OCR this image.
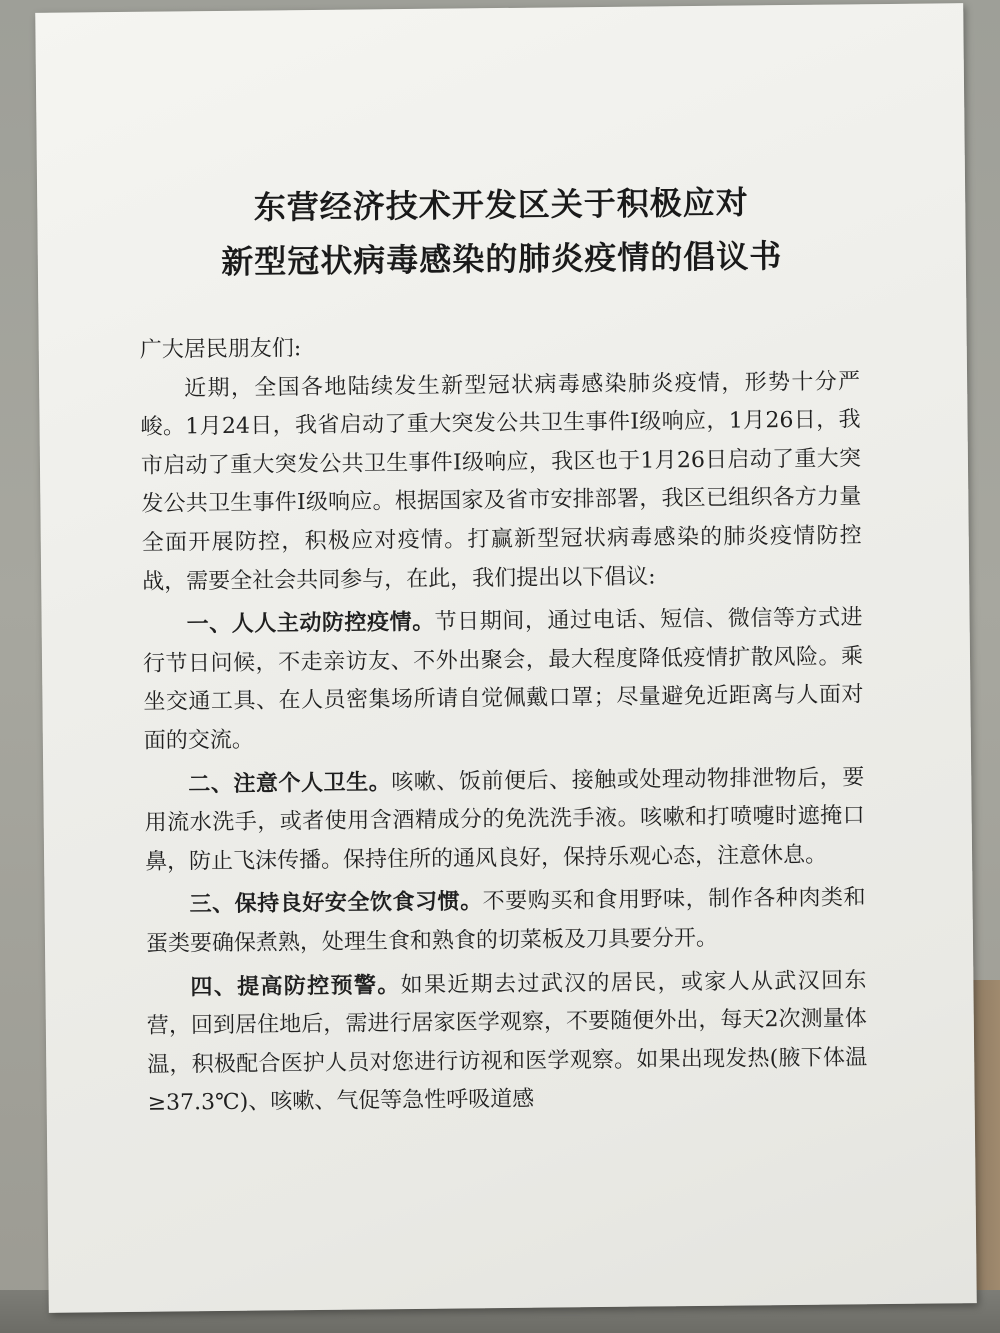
东营经济技术开发区关于积极应对
新型冠状病毒感染的肺炎疫情的倡议书

广大居民朋友们:

近期，全国各地陆续发生新型冠状病毒感染肺炎疫情，形势十分严峻。1月24日，我省启动了重大突发公共卫生事件Ⅰ级响应，1月26日，我市启动了重大突发公共卫生事件Ⅰ级响应，我区也于1月26日启动了重大突发公共卫生事件Ⅰ级响应。根据国家及省市安排部署，我区已组织各方力量全面开展防控，积极应对疫情。打赢新型冠状病毒感染的肺炎疫情防控战，需要全社会共同参与，在此，我们提出以下倡议:

一、人人主动防控疫情。节日期间，通过电话、短信、微信等方式进行节日问候，不走亲访友、不外出聚会，最大程度降低疫情扩散风险。乘坐交通工具、在人员密集场所请自觉佩戴口罩；尽量避免近距离与人面对面的交流。

二、注意个人卫生。咳嗽、饭前便后、接触或处理动物排泄物后，要用流水洗手，或者使用含酒精成分的免洗洗手液。咳嗽和打喷嚏时遮掩口鼻，防止飞沫传播。保持住所的通风良好，保持乐观心态，注意休息。

三、保持良好安全饮食习惯。不要购买和食用野味，制作各种肉类和蛋类要确保煮熟，处理生食和熟食的切菜板及刀具要分开。

四、提高防控预警。如果近期去过武汉的居民，或家人从武汉回东营，回到居住地后，需进行居家医学观察，不要随便外出，每天2次测量体温，积极配合医护人员对您进行访视和医学观察。如果出现发热(腋下体温≥37.3℃)、咳嗽、气促等急性呼吸道感
